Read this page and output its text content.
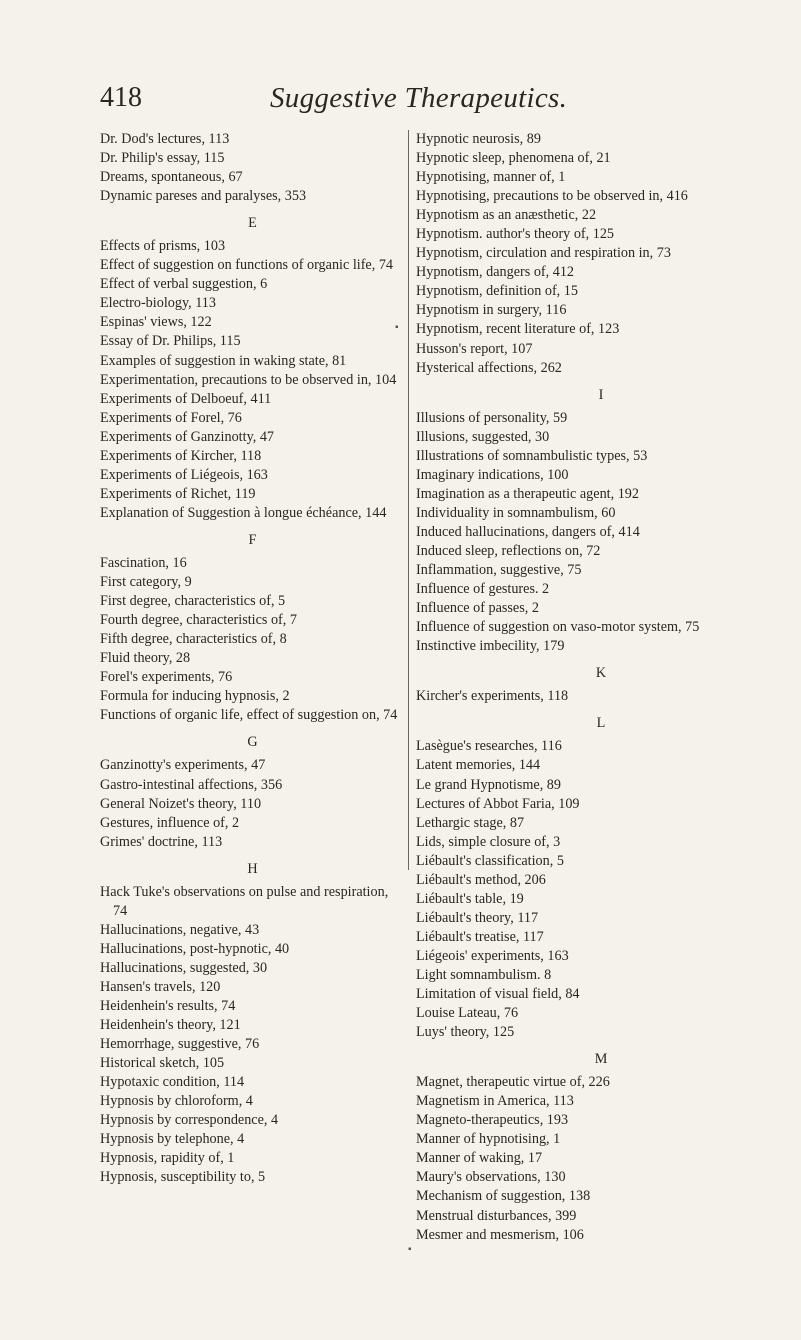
418	Suggestive Therapeutics.
Dr. Dod's lectures, 113
Dr. Philip's essay, 115
Dreams, spontaneous, 67
Dynamic pareses and paralyses, 353
E
Effects of prisms, 103
Effect of suggestion on functions of organic life, 74
Effect of verbal suggestion, 6
Electro-biology, 113
Espinas' views, 122
Essay of Dr. Philips, 115
Examples of suggestion in waking state, 81
Experimentation, precautions to be observed in, 104
Experiments of Delboeuf, 411
Experiments of Forel, 76
Experiments of Ganzinotty, 47
Experiments of Kircher, 118
Experiments of Liégeois, 163
Experiments of Richet, 119
Explanation of Suggestion à longue échéance, 144
F
Fascination, 16
First category, 9
First degree, characteristics of, 5
Fourth degree, characteristics of, 7
Fifth degree, characteristics of, 8
Fluid theory, 28
Forel's experiments, 76
Formula for inducing hypnosis, 2
Functions of organic life, effect of suggestion on, 74
G
Ganzinotty's experiments, 47
Gastro-intestinal affections, 356
General Noizet's theory, 110
Gestures, influence of, 2
Grimes' doctrine, 113
H
Hack Tuke's observations on pulse and respiration, 74
Hallucinations, negative, 43
Hallucinations, post-hypnotic, 40
Hallucinations, suggested, 30
Hansen's travels, 120
Heidenhein's results, 74
Heidenhein's theory, 121
Hemorrhage, suggestive, 76
Historical sketch, 105
Hypotaxic condition, 114
Hypnosis by chloroform, 4
Hypnosis by correspondence, 4
Hypnosis by telephone, 4
Hypnosis, rapidity of, 1
Hypnosis, susceptibility to, 5
Hypnotic neurosis, 89
Hypnotic sleep, phenomena of, 21
Hypnotising, manner of, 1
Hypnotising, precautions to be observed in, 416
Hypnotism as an anæsthetic, 22
Hypnotism. author's theory of, 125
Hypnotism, circulation and respiration in, 73
Hypnotism, dangers of, 412
Hypnotism, definition of, 15
Hypnotism in surgery, 116
Hypnotism, recent literature of, 123
Husson's report, 107
Hysterical affections, 262
I
Illusions of personality, 59
Illusions, suggested, 30
Illustrations of somnambulistic types, 53
Imaginary indications, 100
Imagination as a therapeutic agent, 192
Individuality in somnambulism, 60
Induced hallucinations, dangers of, 414
Induced sleep, reflections on, 72
Inflammation, suggestive, 75
Influence of gestures. 2
Influence of passes, 2
Influence of suggestion on vaso-motor system, 75
Instinctive imbecility, 179
K
Kircher's experiments, 118
L
Lasègue's researches, 116
Latent memories, 144
Le grand Hypnotisme, 89
Lectures of Abbot Faria, 109
Lethargic stage, 87
Lids, simple closure of, 3
Liébault's classification, 5
Liébault's method, 206
Liébault's table, 19
Liébault's theory, 117
Liébault's treatise, 117
Liégeois' experiments, 163
Light somnambulism. 8
Limitation of visual field, 84
Louise Lateau, 76
Luys' theory, 125
M
Magnet, therapeutic virtue of, 226
Magnetism in America, 113
Magneto-therapeutics, 193
Manner of hypnotising, 1
Manner of waking, 17
Maury's observations, 130
Mechanism of suggestion, 138
Menstrual disturbances, 399
Mesmer and mesmerism, 106
▪
▪
